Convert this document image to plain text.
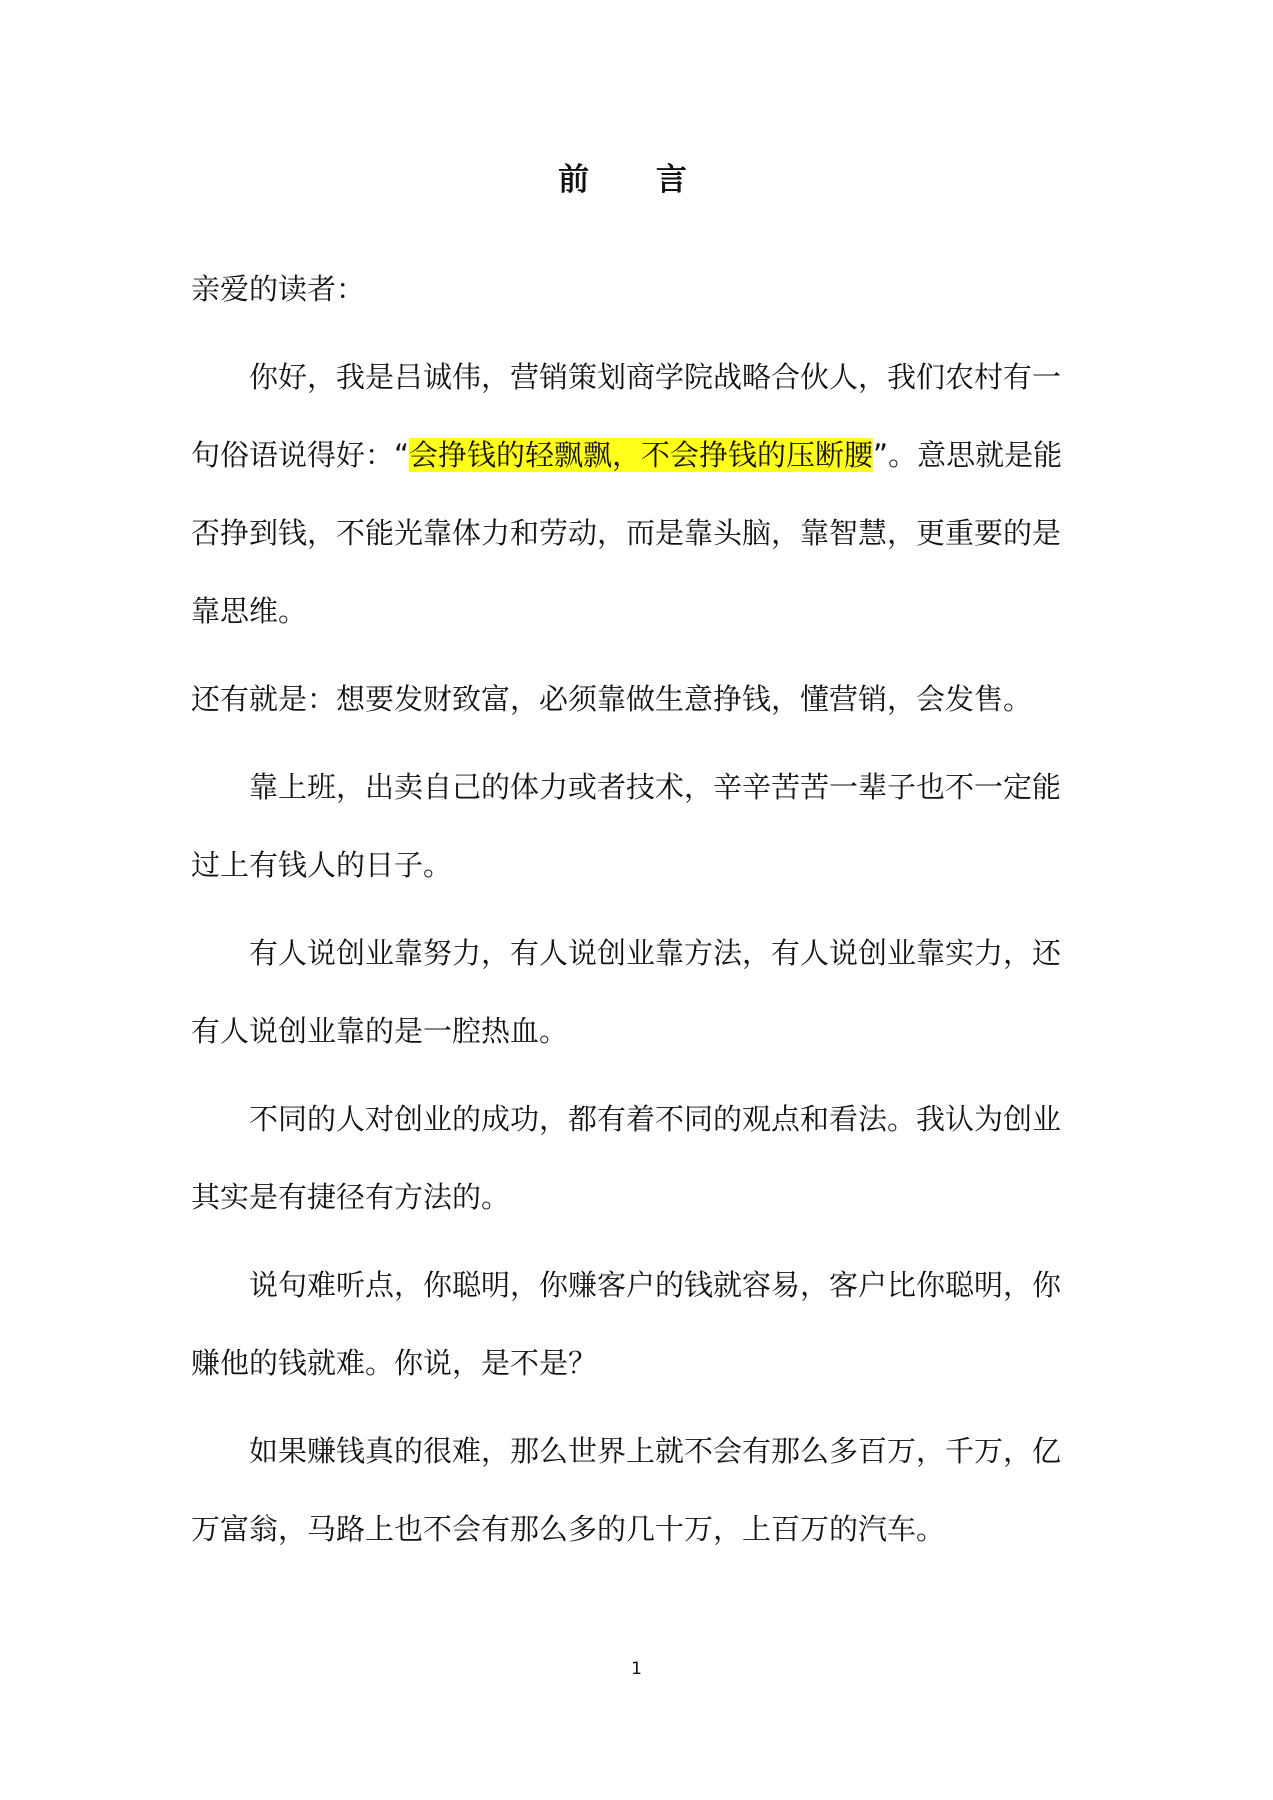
前 言

亲爱的读者：

你好，我是吕诚伟，营销策划商学院战略合伙人，我们农村有一句俗语说得好：“会挣钱的轻飘飘，不会挣钱的压断腰”。意思就是能否挣到钱，不能光靠体力和劳动，而是靠头脑，靠智慧，更重要的是靠思维。

还有就是：想要发财致富，必须靠做生意挣钱，懂营销，会发售。

靠上班，出卖自己的体力或者技术，辛辛苦苦一辈子也不一定能过上有钱人的日子。

有人说创业靠努力，有人说创业靠方法，有人说创业靠实力，还有人说创业靠的是一腔热血。

不同的人对创业的成功，都有着不同的观点和看法。我认为创业其实是有捷径有方法的。

说句难听点，你聪明，你赚客户的钱就容易，客户比你聪明，你赚他的钱就难。你说，是不是？

如果赚钱真的很难，那么世界上就不会有那么多百万，千万，亿万富翁，马路上也不会有那么多的几十万，上百万的汽车。

1
